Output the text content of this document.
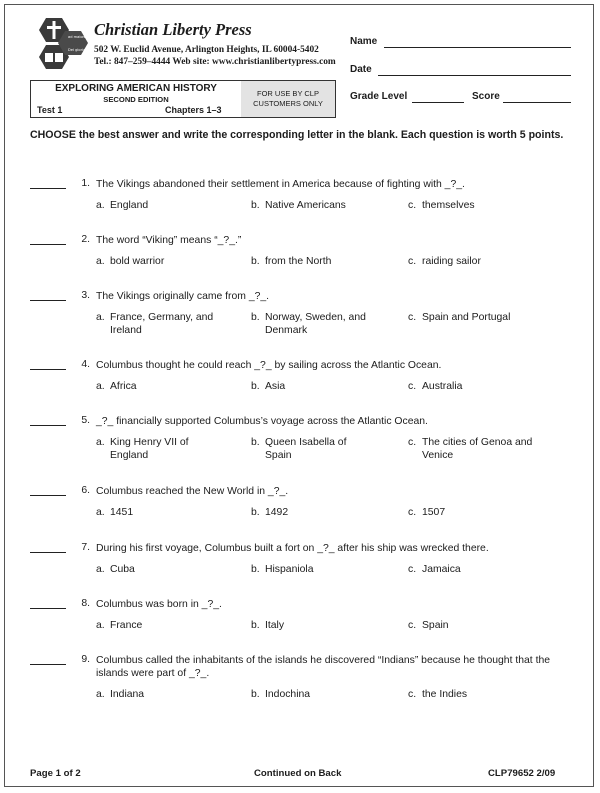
ad maiorem
Dei gloriam
Christian Liberty Press
502 W. Euclid Avenue, Arlington Heights, IL 60004-5402
Tel.: 847–259–4444 Web site: www.christianlibertypress.com
EXPLORING AMERICAN HISTORY
SECOND EDITION
Test 1	Chapters 1–3
FOR USE BY CLP
CUSTOMERS ONLY
Name
Date
Grade Level	Score
CHOOSE the best answer and write the corresponding letter in the blank. Each question is worth 5 points.
1. The Vikings abandoned their settlement in America because of fighting with _?_.
a. England	b. Native Americans	c. themselves
2. The word “Viking” means “_?_.”
a. bold warrior	b. from the North	c. raiding sailor
3. The Vikings originally came from _?_.
a. France, Germany, and Ireland
b. Norway, Sweden, and Denmark
c. Spain and Portugal
4. Columbus thought he could reach _?_ by sailing across the Atlantic Ocean.
a. Africa	b. Asia	c. Australia
5. _?_ financially supported Columbus’s voyage across the Atlantic Ocean.
a. King Henry VII of England
b. Queen Isabella of Spain
c. The cities of Genoa and Venice
6. Columbus reached the New World in _?_.
a. 1451	b. 1492	c. 1507
7. During his first voyage, Columbus built a fort on _?_ after his ship was wrecked there.
a. Cuba	b. Hispaniola	c. Jamaica
8. Columbus was born in _?_.
a. France	b. Italy	c. Spain
9. Columbus called the inhabitants of the islands he discovered “Indians” because he thought that the islands were part of _?_.
a. Indiana	b. Indochina	c. the Indies
Page 1 of 2	Continued on Back	CLP79652 2/09
